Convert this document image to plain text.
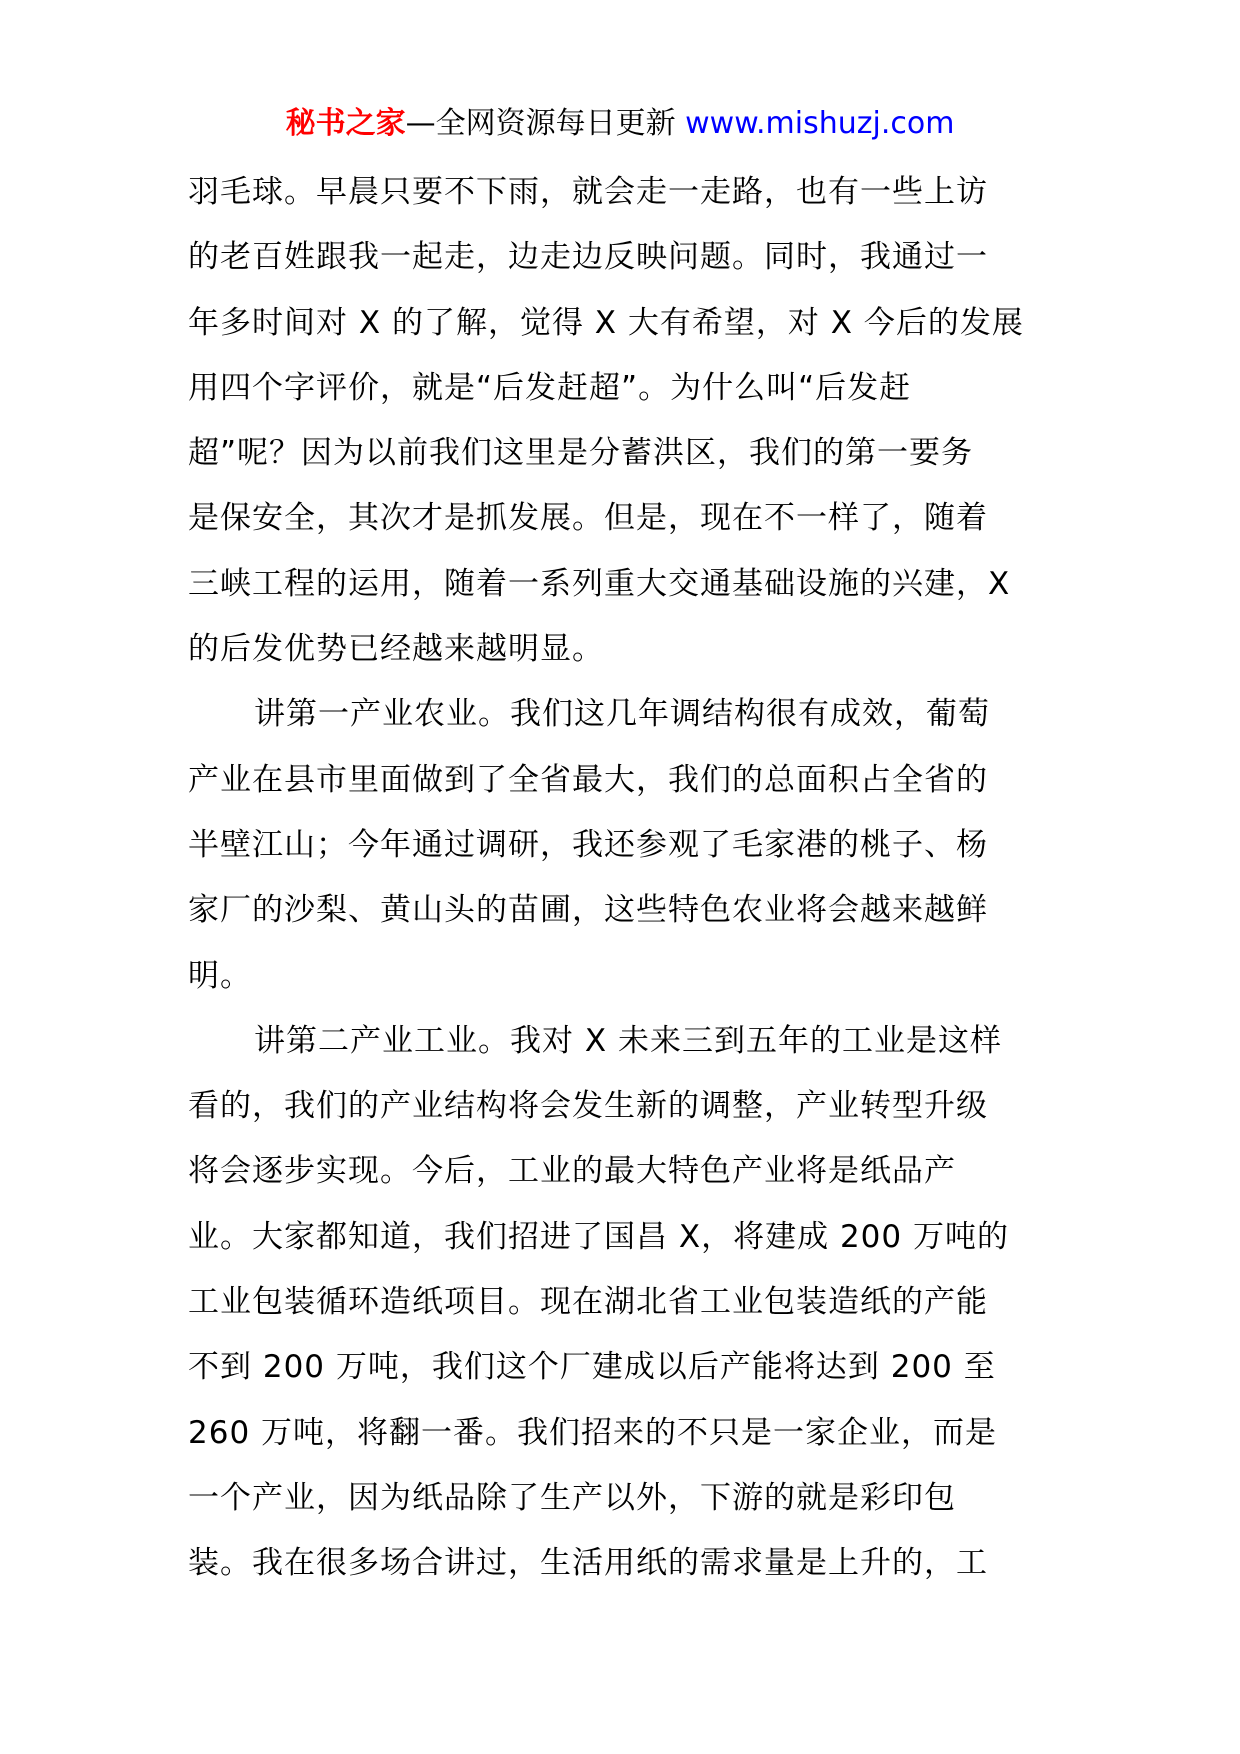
秘书之家—全网资源每日更新 www.mishuzj.com

羽毛球。早晨只要不下雨，就会走一走路，也有一些上访
的老百姓跟我一起走，边走边反映问题。同时，我通过一
年多时间对 X 的了解，觉得 X 大有希望，对 X 今后的发展
用四个字评价，就是“后发赶超”。为什么叫“后发赶
超”呢？因为以前我们这里是分蓄洪区，我们的第一要务
是保安全，其次才是抓发展。但是，现在不一样了，随着
三峡工程的运用，随着一系列重大交通基础设施的兴建，X
的后发优势已经越来越明显。

讲第一产业农业。我们这几年调结构很有成效，葡萄
产业在县市里面做到了全省最大，我们的总面积占全省的
半壁江山；今年通过调研，我还参观了毛家港的桃子、杨
家厂的沙梨、黄山头的苗圃，这些特色农业将会越来越鲜
明。

讲第二产业工业。我对 X 未来三到五年的工业是这样
看的，我们的产业结构将会发生新的调整，产业转型升级
将会逐步实现。今后，工业的最大特色产业将是纸品产
业。大家都知道，我们招进了国昌 X，将建成 200 万吨的
工业包装循环造纸项目。现在湖北省工业包装造纸的产能
不到 200 万吨，我们这个厂建成以后产能将达到 200 至
260 万吨，将翻一番。我们招来的不只是一家企业，而是
一个产业，因为纸品除了生产以外，下游的就是彩印包
装。我在很多场合讲过，生活用纸的需求量是上升的，工
